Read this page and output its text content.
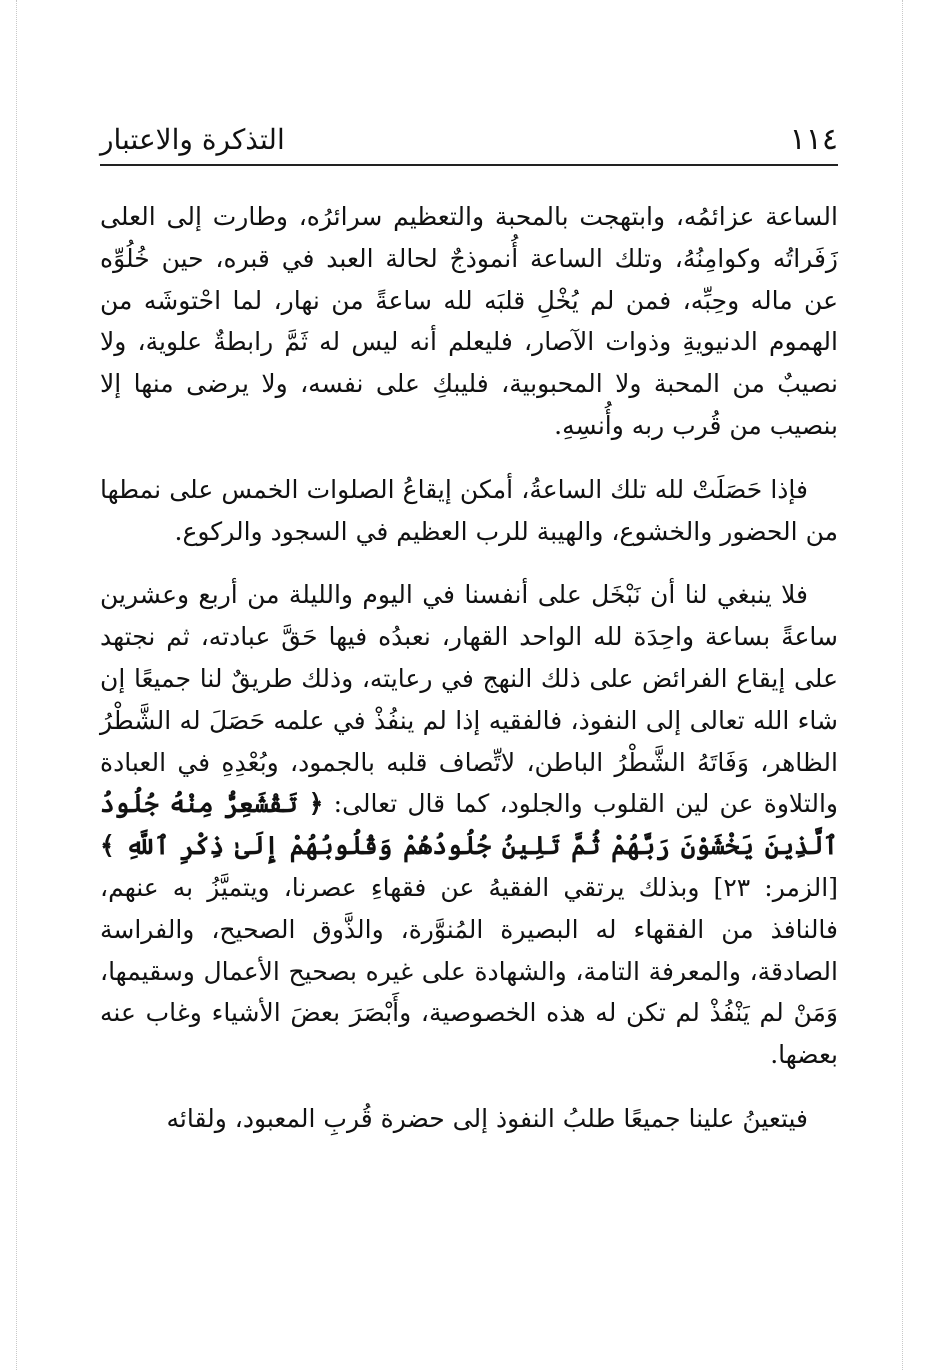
١١٤
التذكرة والاعتبار

الساعة عزائمُه، وابتهجت بالمحبة والتعظيم سرائرُه، وطارت إلى العلى زَفَراتُه وكوامِنُهُ، وتلك الساعة أُنموذجٌ لحالة العبد في قبره، حين خُلُوِّه عن ماله وحِبِّه، فمن لم يُخْلِ قلبَه لله ساعةً من نهار، لما احْتوشَه من الهموم الدنيويةِ وذوات الآصار، فليعلم أنه ليس له ثَمَّ رابطةٌ علوية، ولا نصيبٌ من المحبة ولا المحبوبية، فليبكِ على نفسه، ولا يرضى منها إلا بنصيب من قُرب ربه وأُنسِهِ.

فإذا حَصَلَتْ لله تلك الساعةُ، أمكن إيقاعُ الصلوات الخمس على نمطها من الحضور والخشوع، والهيبة للرب العظيم في السجود والركوع.

فلا ينبغي لنا أن نَبْخَل على أنفسنا في اليوم والليلة من أربع وعشرين ساعةً بساعة واحِدَة لله الواحد القهار، نعبدُه فيها حَقَّ عبادته، ثم نجتهد على إيقاع الفرائض على ذلك النهج في رعايته، وذلك طريقٌ لنا جميعًا إن شاء الله تعالى إلى النفوذ، فالفقيه إذا لم ينفُذْ في علمه حَصَلَ له الشَّطْرُ الظاهر، وَفَاتَهُ الشَّطْرُ الباطن، لاتِّصاف قلبه بالجمود، وبُعْدِهِ في العبادة والتلاوة عن لين القلوب والجلود، كما قال تعالى: ﴿ تَقْشَعِرُّ مِنْهُ جُلُودُ ٱلَّذِينَ يَخْشَوْنَ رَبَّهُمْ ثُمَّ تَلِينُ جُلُودُهُمْ وَقُلُوبُهُمْ إِلَىٰ ذِكْرِ ٱللَّهِ ﴾ [الزمر: ٢٣] وبذلك يرتقي الفقيهُ عن فقهاءِ عصرنا، ويتميَّزُ به عنهم، فالنافذ من الفقهاء له البصيرة المُنوَّرة، والذَّوق الصحيح، والفراسة الصادقة، والمعرفة التامة، والشهادة على غيره بصحيح الأعمال وسقيمها، وَمَنْ لم يَنْفُذْ لم تكن له هذه الخصوصية، وأَبْصَرَ بعضَ الأشياء وغاب عنه بعضها.

فيتعينُ علينا جميعًا طلبُ النفوذ إلى حضرة قُربِ المعبود، ولقائه
